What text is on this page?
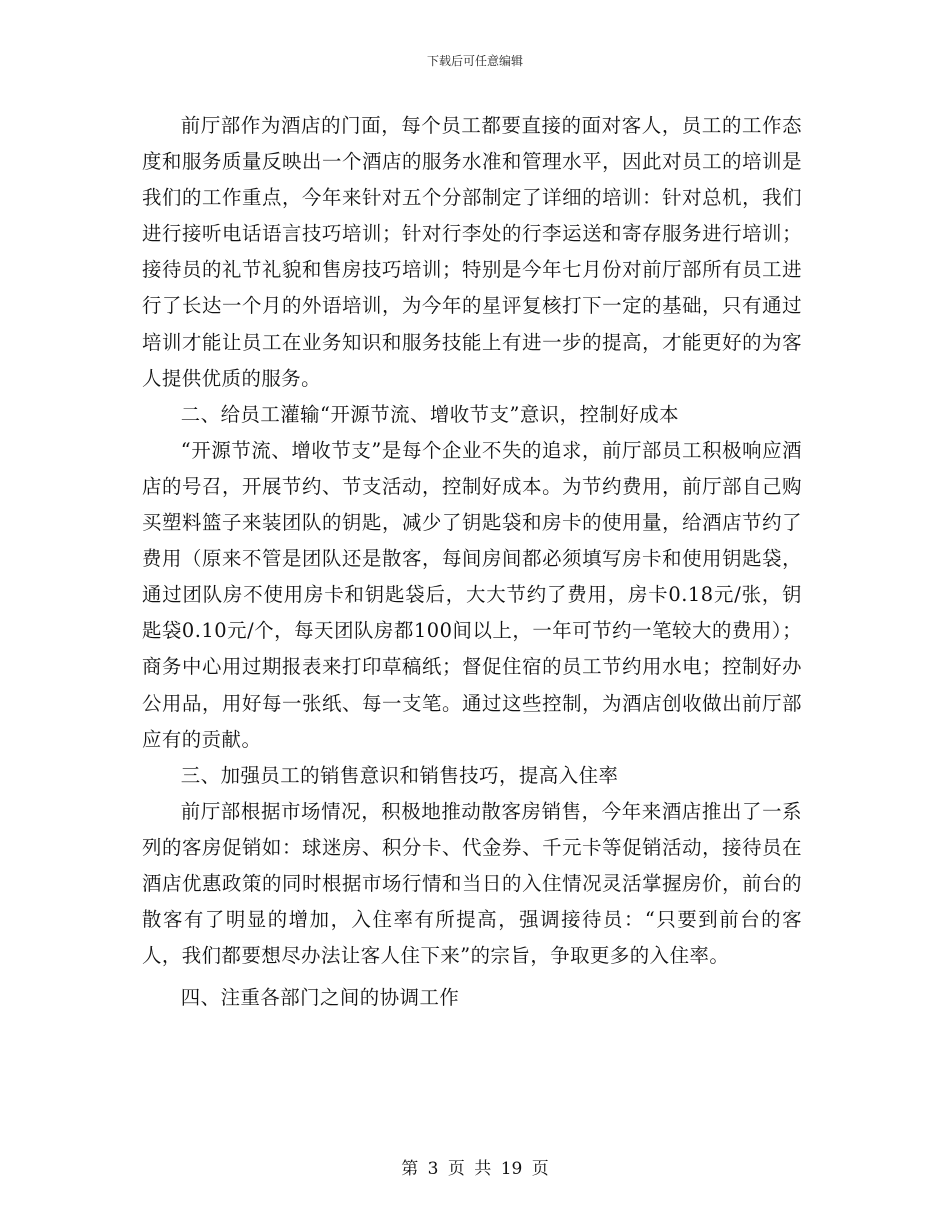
下载后可任意编辑

前厅部作为酒店的门面，每个员工都要直接的面对客人，员工的工作态度和服务质量反映出一个酒店的服务水准和管理水平，因此对员工的培训是我们的工作重点，今年来针对五个分部制定了详细的培训：针对总机，我们进行接听电话语言技巧培训；针对行李处的行李运送和寄存服务进行培训；接待员的礼节礼貌和售房技巧培训；特别是今年七月份对前厅部所有员工进行了长达一个月的外语培训，为今年的星评复核打下一定的基础，只有通过培训才能让员工在业务知识和服务技能上有进一步的提高，才能更好的为客人提供优质的服务。

二、给员工灌输“开源节流、增收节支”意识，控制好成本

“开源节流、增收节支”是每个企业不失的追求，前厅部员工积极响应酒店的号召，开展节约、节支活动，控制好成本。为节约费用，前厅部自己购买塑料篮子来装团队的钥匙，减少了钥匙袋和房卡的使用量，给酒店节约了费用（原来不管是团队还是散客，每间房间都必须填写房卡和使用钥匙袋，通过团队房不使用房卡和钥匙袋后，大大节约了费用，房卡0.18元/张，钥匙袋0.10元/个，每天团队房都100间以上，一年可节约一笔较大的费用）；商务中心用过期报表来打印草稿纸；督促住宿的员工节约用水电；控制好办公用品，用好每一张纸、每一支笔。通过这些控制，为酒店创收做出前厅部应有的贡献。

三、加强员工的销售意识和销售技巧，提高入住率

前厅部根据市场情况，积极地推动散客房销售，今年来酒店推出了一系列的客房促销如：球迷房、积分卡、代金券、千元卡等促销活动，接待员在酒店优惠政策的同时根据市场行情和当日的入住情况灵活掌握房价，前台的散客有了明显的增加，入住率有所提高，强调接待员：“只要到前台的客人，我们都要想尽办法让客人住下来”的宗旨，争取更多的入住率。

四、注重各部门之间的协调工作

第 3 页 共 19 页
